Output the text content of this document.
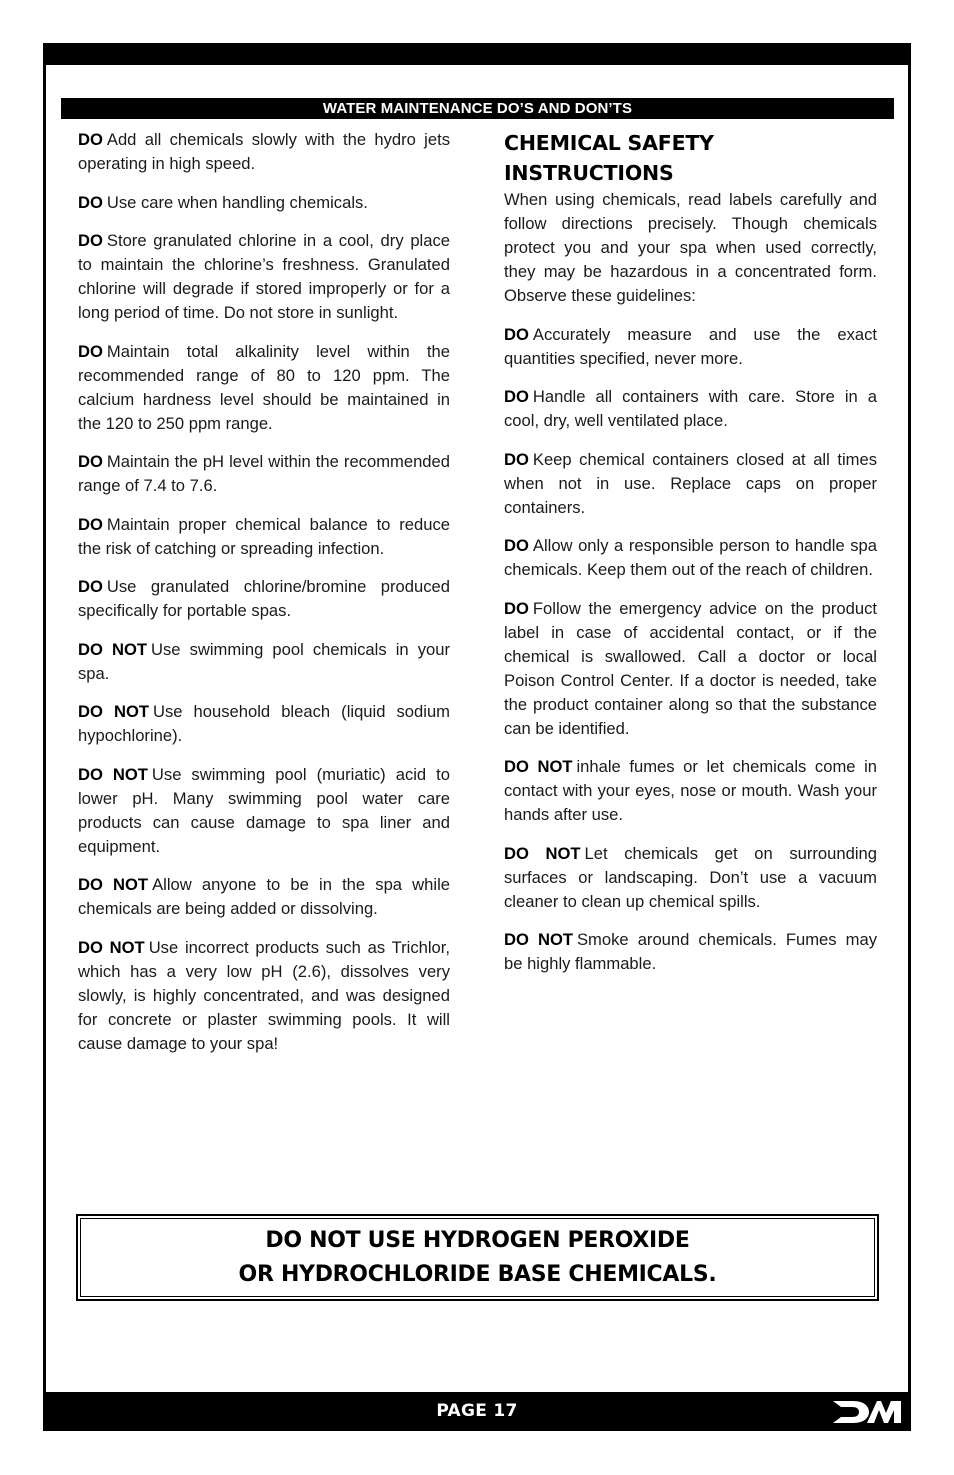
WATER MAINTENANCE DO’S AND DON’TS
DO Add all chemicals slowly with the hydro jets operating in high speed.
DO Use care when handling chemicals.
DO Store granulated chlorine in a cool, dry place to maintain the chlorine’s freshness. Granulated chlorine will degrade if stored improperly or for a long period of time. Do not store in sunlight.
DO Maintain total alkalinity level within the recommended range of 80 to 120 ppm. The calcium hardness level should be maintained in the 120 to 250 ppm range.
DO Maintain the pH level within the recommended range of 7.4 to 7.6.
DO Maintain proper chemical balance to reduce the risk of catching or spreading infection.
DO Use granulated chlorine/bromine produced specifically for portable spas.
DO NOT Use swimming pool chemicals in your spa.
DO NOT Use household bleach (liquid sodium hypochlorine).
DO NOT Use swimming pool (muriatic) acid to lower pH. Many swimming pool water care products can cause damage to spa liner and equipment.
DO NOT Allow anyone to be in the spa while chemicals are being added or dissolving.
DO NOT Use incorrect products such as Trichlor, which has a very low pH (2.6), dissolves very slowly, is highly concentrated, and was designed for concrete or plaster swimming pools. It will cause damage to your spa!
CHEMICAL SAFETY INSTRUCTIONS
When using chemicals, read labels carefully and follow directions precisely. Though chemicals protect you and your spa when used correctly, they may be hazardous in a concentrated form. Observe these guidelines:
DO Accurately measure and use the exact quantities specified, never more.
DO Handle all containers with care. Store in a cool, dry, well ventilated place.
DO Keep chemical containers closed at all times when not in use. Replace caps on proper containers.
DO Allow only a responsible person to handle spa chemicals. Keep them out of the reach of children.
DO Follow the emergency advice on the product label in case of accidental contact, or if the chemical is swallowed. Call a doctor or local Poison Control Center. If a doctor is needed, take the product container along so that the substance can be identified.
DO NOT inhale fumes or let chemicals come in contact with your eyes, nose or mouth. Wash your hands after use.
DO NOT Let chemicals get on surrounding surfaces or landscaping. Don’t use a vacuum cleaner to clean up chemical spills.
DO NOT Smoke around chemicals. Fumes may be highly flammable.
DO NOT USE HYDROGEN PEROXIDE
OR HYDROCHLORIDE BASE CHEMICALS.
PAGE 17
